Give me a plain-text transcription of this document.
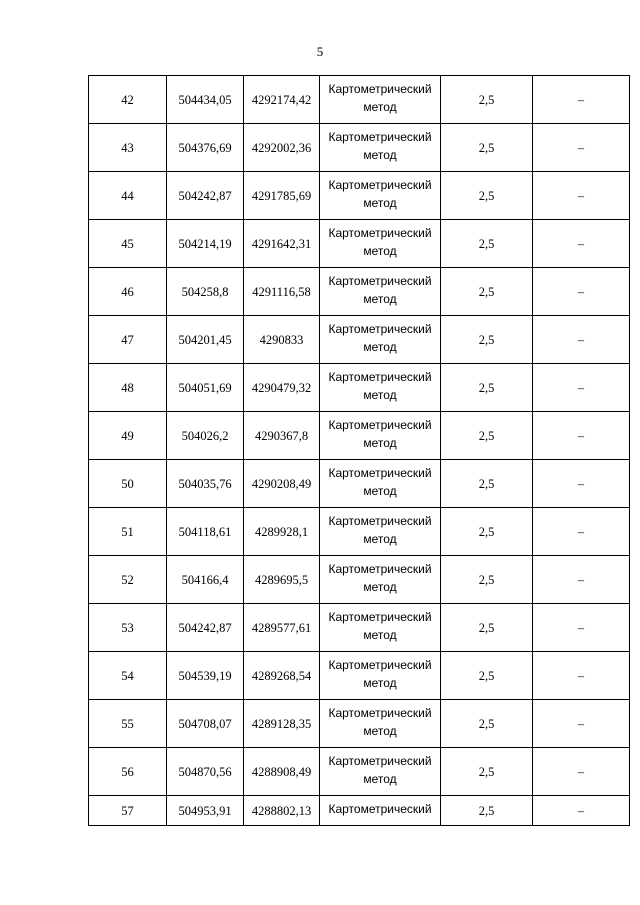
5
42	504434,05	4292174,42	Картометрический метод	2,5	–
43	504376,69	4292002,36	Картометрический метод	2,5	–
44	504242,87	4291785,69	Картометрический метод	2,5	–
45	504214,19	4291642,31	Картометрический метод	2,5	–
46	504258,8	4291116,58	Картометрический метод	2,5	–
47	504201,45	4290833	Картометрический метод	2,5	–
48	504051,69	4290479,32	Картометрический метод	2,5	–
49	504026,2	4290367,8	Картометрический метод	2,5	–
50	504035,76	4290208,49	Картометрический метод	2,5	–
51	504118,61	4289928,1	Картометрический метод	2,5	–
52	504166,4	4289695,5	Картометрический метод	2,5	–
53	504242,87	4289577,61	Картометрический метод	2,5	–
54	504539,19	4289268,54	Картометрический метод	2,5	–
55	504708,07	4289128,35	Картометрический метод	2,5	–
56	504870,56	4288908,49	Картометрический метод	2,5	–
57	504953,91	4288802,13	Картометрический	2,5	–
